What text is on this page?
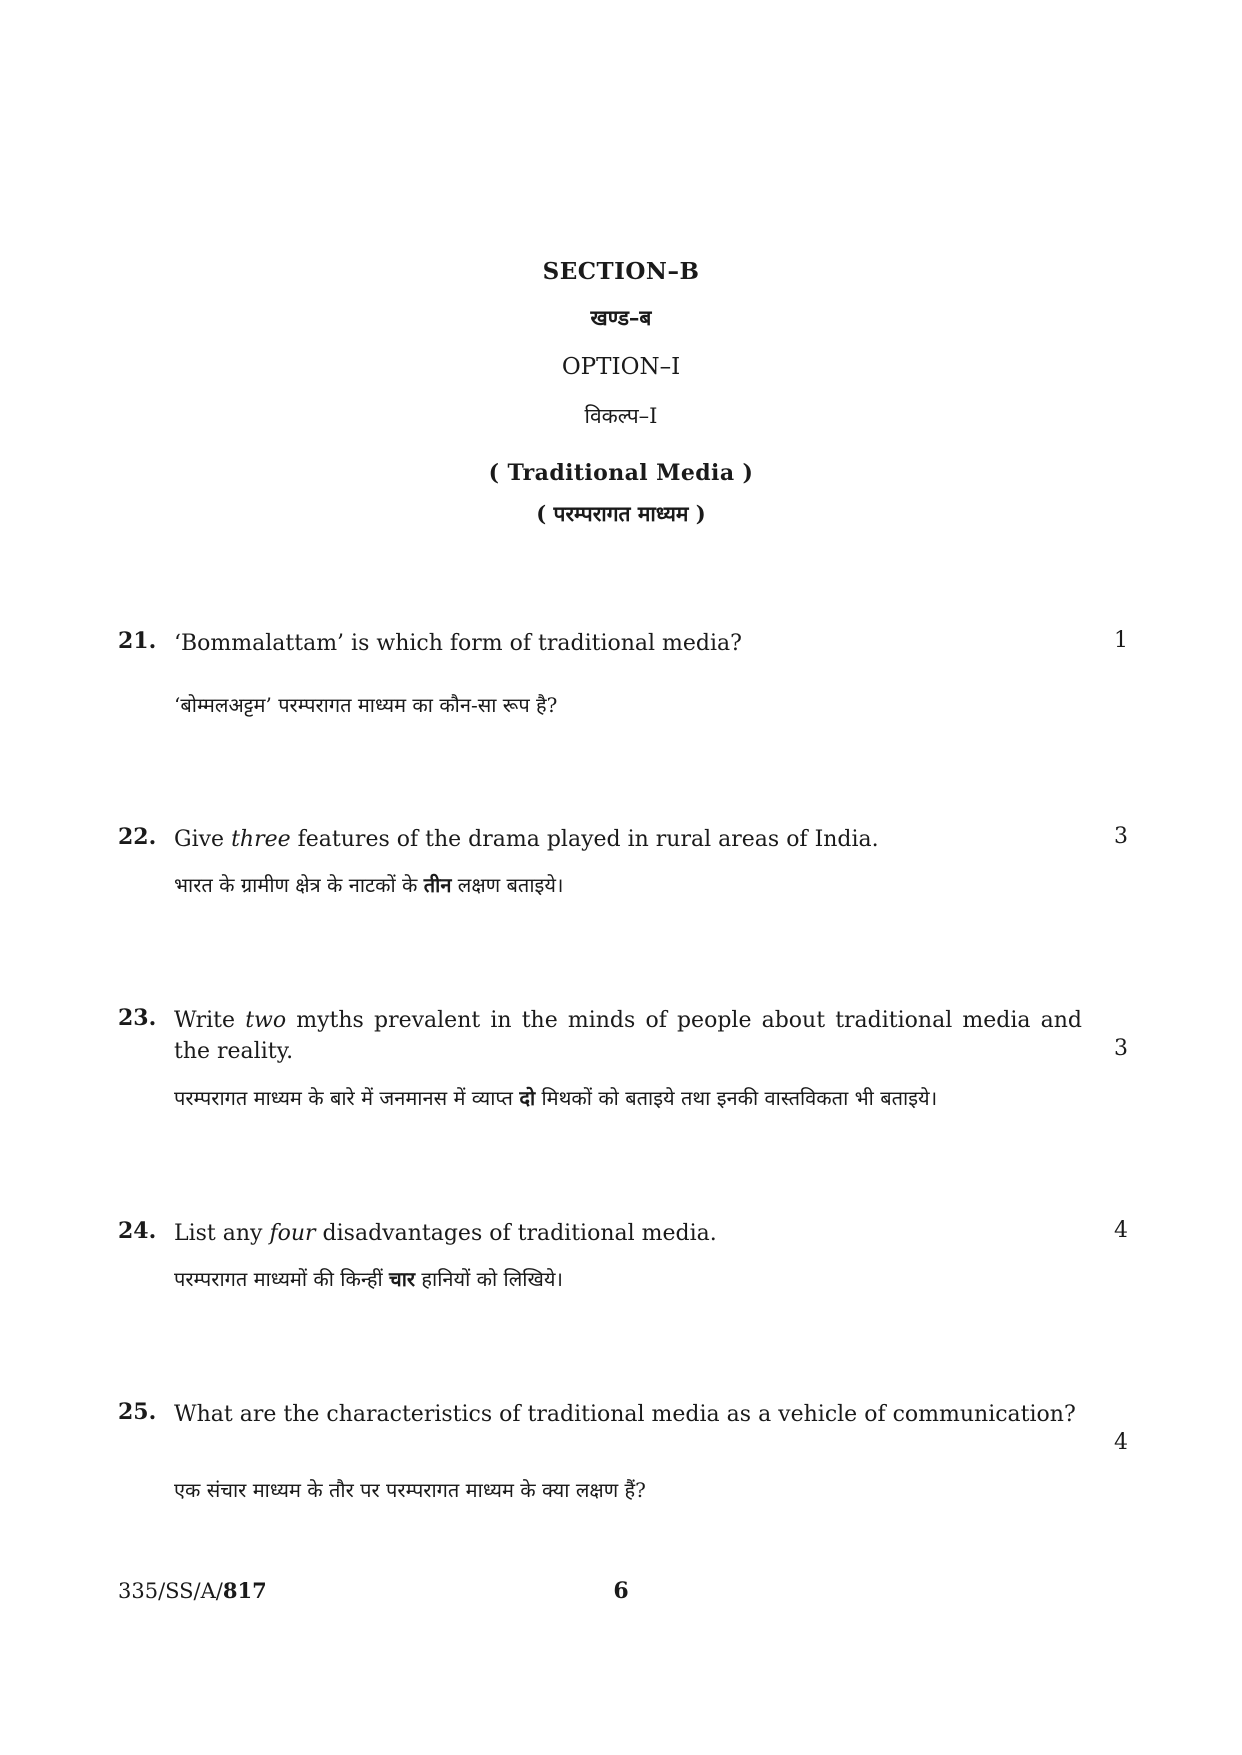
SECTION–B
खण्ड–ब
OPTION–I
विकल्प–I
( Traditional Media )
( परम्परागत माध्यम )
21. ‘Bommalattam’ is which form of traditional media?	1
‘बोम्मलअट्टम’ परम्परागत माध्यम का कौन-सा रूप है?
22. Give three features of the drama played in rural areas of India.	3
भारत के ग्रामीण क्षेत्र के नाटकों के तीन लक्षण बताइये।
23. Write two myths prevalent in the minds of people about traditional media and the reality.	3
परम्परागत माध्यम के बारे में जनमानस में व्याप्त दो मिथकों को बताइये तथा इनकी वास्तविकता भी बताइये।
24. List any four disadvantages of traditional media.	4
परम्परागत माध्यमों की किन्हीं चार हानियों को लिखिये।
25. What are the characteristics of traditional media as a vehicle of communication?
4
एक संचार माध्यम के तौर पर परम्परागत माध्यम के क्या लक्षण हैं?
335/SS/A/817	6
